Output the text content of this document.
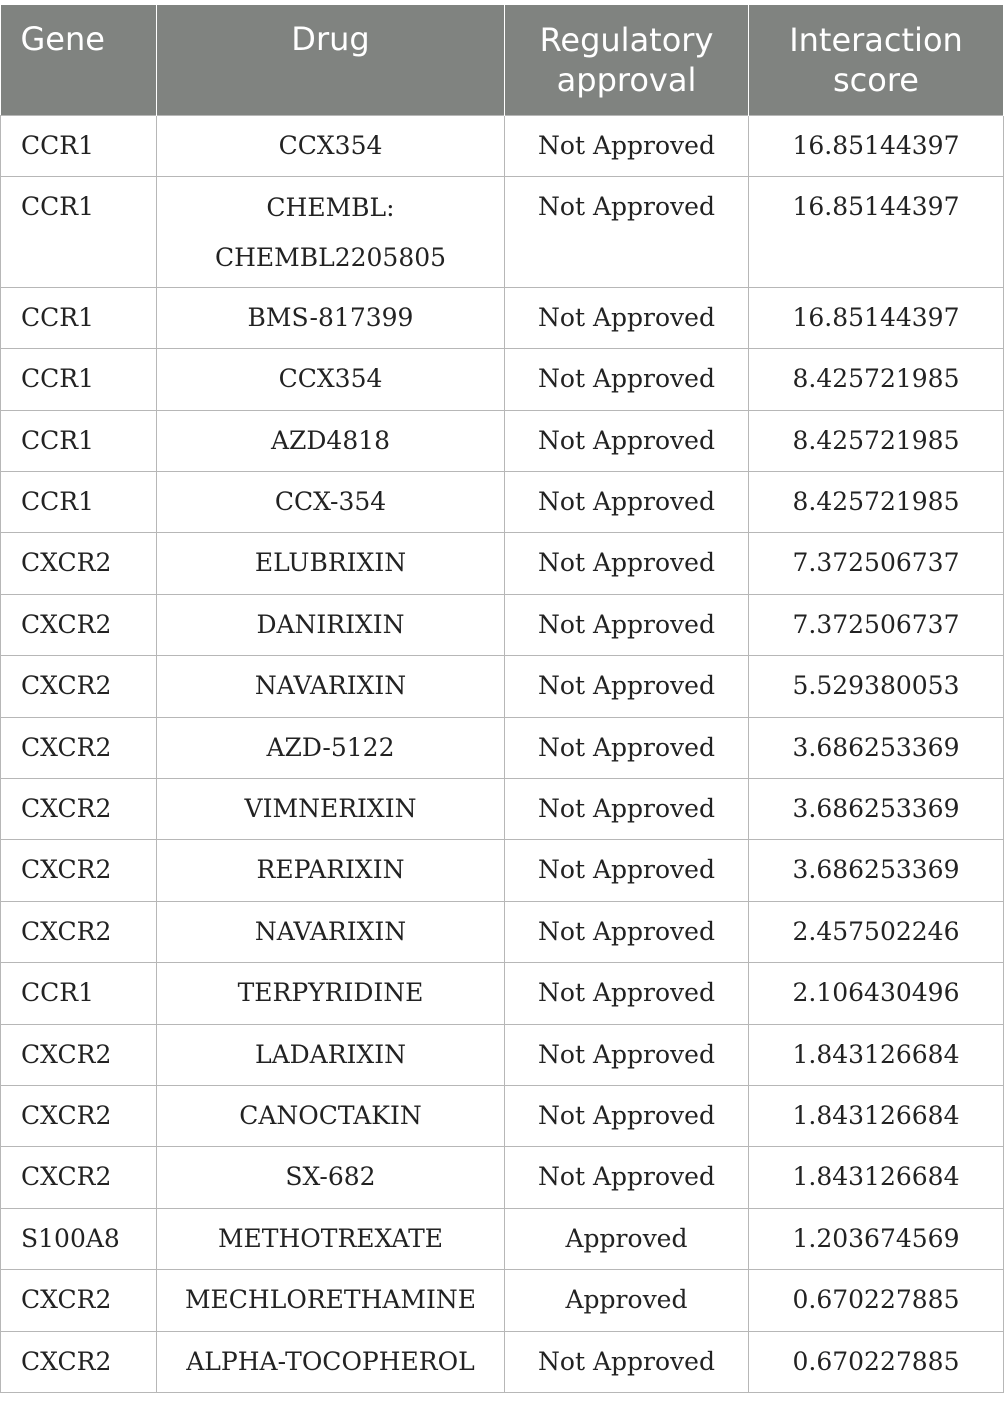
Gene	Drug	Regulatory approval	Interaction score
CCR1	CCX354	Not Approved	16.85144397
CCR1	CHEMBL: CHEMBL2205805	Not Approved	16.85144397
CCR1	BMS-817399	Not Approved	16.85144397
CCR1	CCX354	Not Approved	8.425721985
CCR1	AZD4818	Not Approved	8.425721985
CCR1	CCX-354	Not Approved	8.425721985
CXCR2	ELUBRIXIN	Not Approved	7.372506737
CXCR2	DANIRIXIN	Not Approved	7.372506737
CXCR2	NAVARIXIN	Not Approved	5.529380053
CXCR2	AZD-5122	Not Approved	3.686253369
CXCR2	VIMNERIXIN	Not Approved	3.686253369
CXCR2	REPARIXIN	Not Approved	3.686253369
CXCR2	NAVARIXIN	Not Approved	2.457502246
CCR1	TERPYRIDINE	Not Approved	2.106430496
CXCR2	LADARIXIN	Not Approved	1.843126684
CXCR2	CANOCTAKIN	Not Approved	1.843126684
CXCR2	SX-682	Not Approved	1.843126684
S100A8	METHOTREXATE	Approved	1.203674569
CXCR2	MECHLORETHAMINE	Approved	0.670227885
CXCR2	ALPHA-TOCOPHEROL	Not Approved	0.670227885
